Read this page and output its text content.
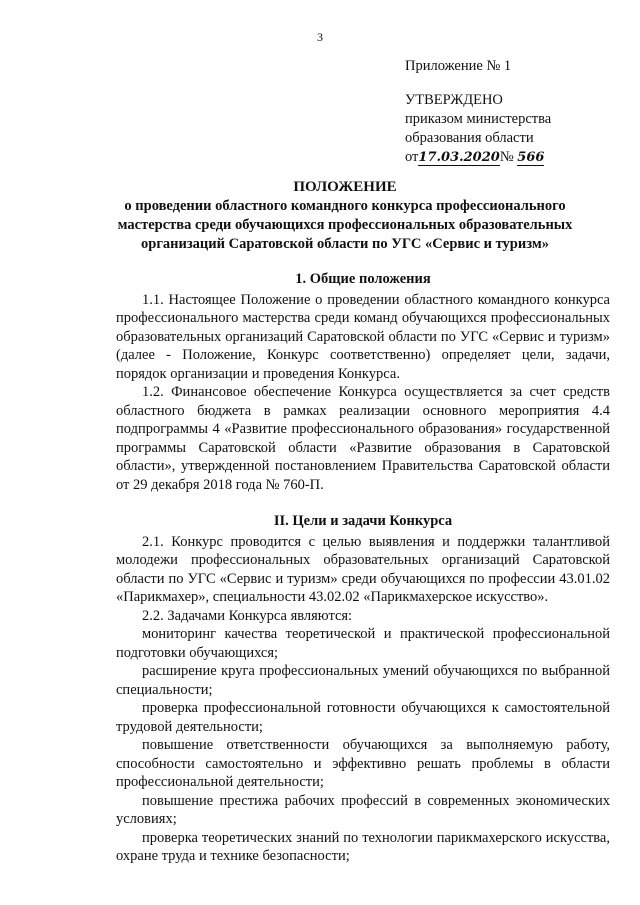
3
Приложение № 1
УТВЕРЖДЕНО
приказом министерства
образования области
от17.03.2020№ 566
ПОЛОЖЕНИЕ
о проведении областного командного конкурса профессионального мастерства среди обучающихся профессиональных образовательных организаций Саратовской области по УГС «Сервис и туризм»
1. Общие положения

1.1. Настоящее Положение о проведении областного командного конкурса профессионального мастерства среди команд обучающихся профессиональных образовательных организаций Саратовской области по УГС «Сервис и туризм» (далее - Положение, Конкурс соответственно) определяет цели, задачи, порядок организации и проведения Конкурса.

1.2. Финансовое обеспечение Конкурса осуществляется за счет средств областного бюджета в рамках реализации основного мероприятия 4.4 подпрограммы 4 «Развитие профессионального образования» государственной программы Саратовской области «Развитие образования в Саратовской области», утвержденной постановлением Правительства Саратовской области от 29 декабря 2018 года № 760-П.

II. Цели и задачи Конкурса

2.1. Конкурс проводится с целью выявления и поддержки талантливой молодежи профессиональных образовательных организаций Саратовской области по УГС «Сервис и туризм» среди обучающихся по профессии 43.01.02 «Парикмахер», специальности 43.02.02 «Парикмахерское искусство».

2.2. Задачами Конкурса являются:

мониторинг качества теоретической и практической профессиональной подготовки обучающихся;

расширение круга профессиональных умений обучающихся по выбранной специальности;

проверка профессиональной готовности обучающихся к самостоятельной трудовой деятельности;

повышение ответственности обучающихся за выполняемую работу, способности самостоятельно и эффективно решать проблемы в области профессиональной деятельности;

повышение престижа рабочих профессий в современных экономических условиях;

проверка теоретических знаний по технологии парикмахерского искусства, охране труда и технике безопасности;
